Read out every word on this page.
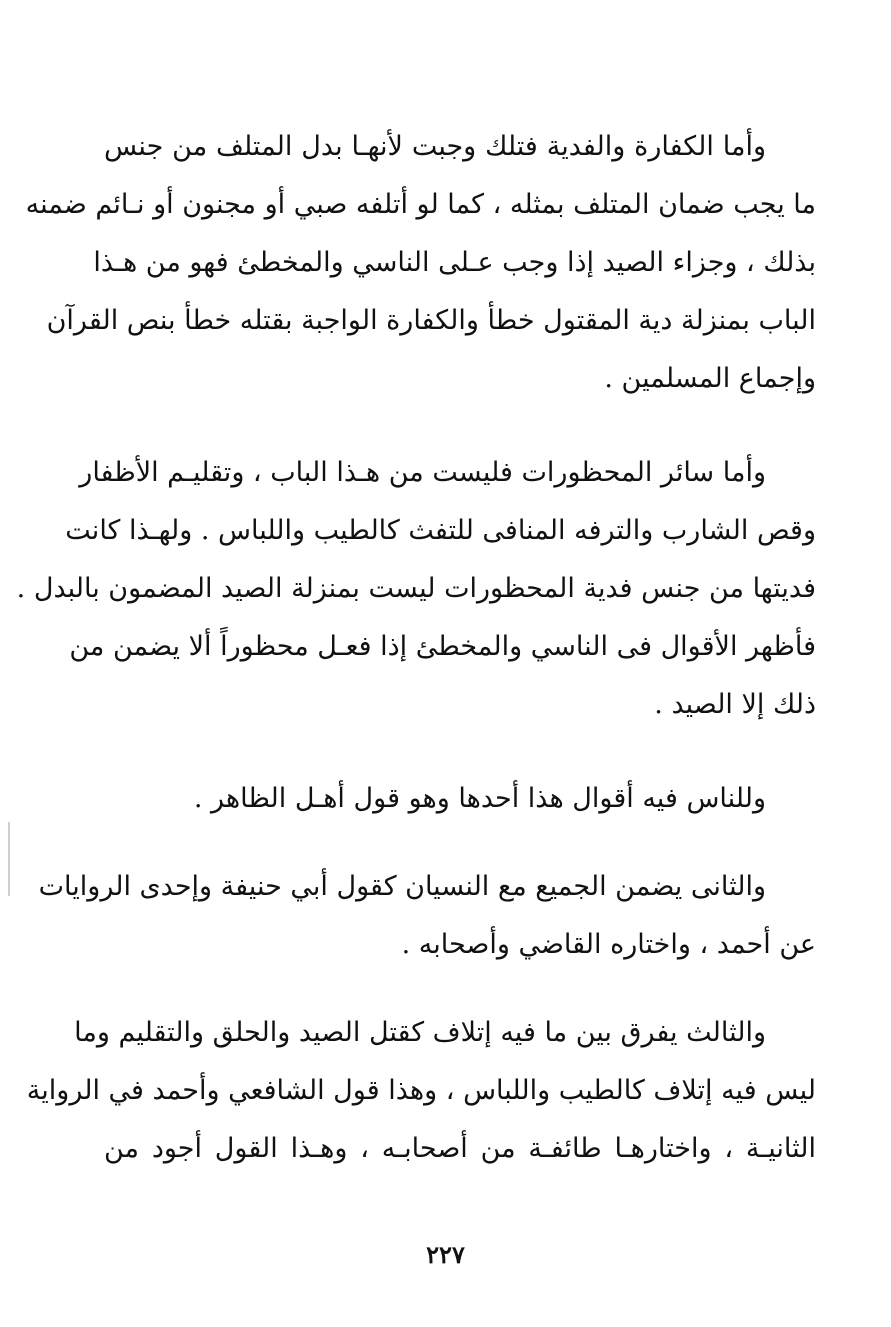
وأما الكفارة والفدية فتلك وجبت لأنهـا بدل المتلف من جنس
ما يجب ضمان المتلف بمثله ، كما لو أتلفه صبي أو مجنون أو نـائم ضمنه
بذلك ، وجزاء الصيد إذا وجب عـلى الناسي والمخطئ فهو من هـذا
الباب بمنزلة دية المقتول خطأ والكفارة الواجبة بقتله خطأ بنص القرآن
وإجماع المسلمين .
وأما سائر المحظورات فليست من هـذا الباب ، وتقليـم الأظفار
وقص الشارب والترفه المنافى للتفث كالطيب واللباس . ولهـذا كانت
فديتها من جنس فدية المحظورات ليست بمنزلة الصيد المضمون بالبدل .
فأظهر الأقوال فى الناسي والمخطئ إذا فعـل محظوراً ألا يضمن من
ذلك إلا الصيد .
وللناس فيه أقوال هذا أحدها وهو قول أهـل الظاهر .
والثانى يضمن الجميع مع النسيان كقول أبي حنيفة وإحدى الروايات
عن أحمد ، واختاره القاضي وأصحابه .
والثالث يفرق بين ما فيه إتلاف كقتل الصيد والحلق والتقليم وما
ليس فيه إتلاف كالطيب واللباس ، وهذا قول الشافعي وأحمد في الرواية
الثانيـة ، واختارهـا طائفـة من أصحابـه ، وهـذا القول أجود من
٢٢٧
